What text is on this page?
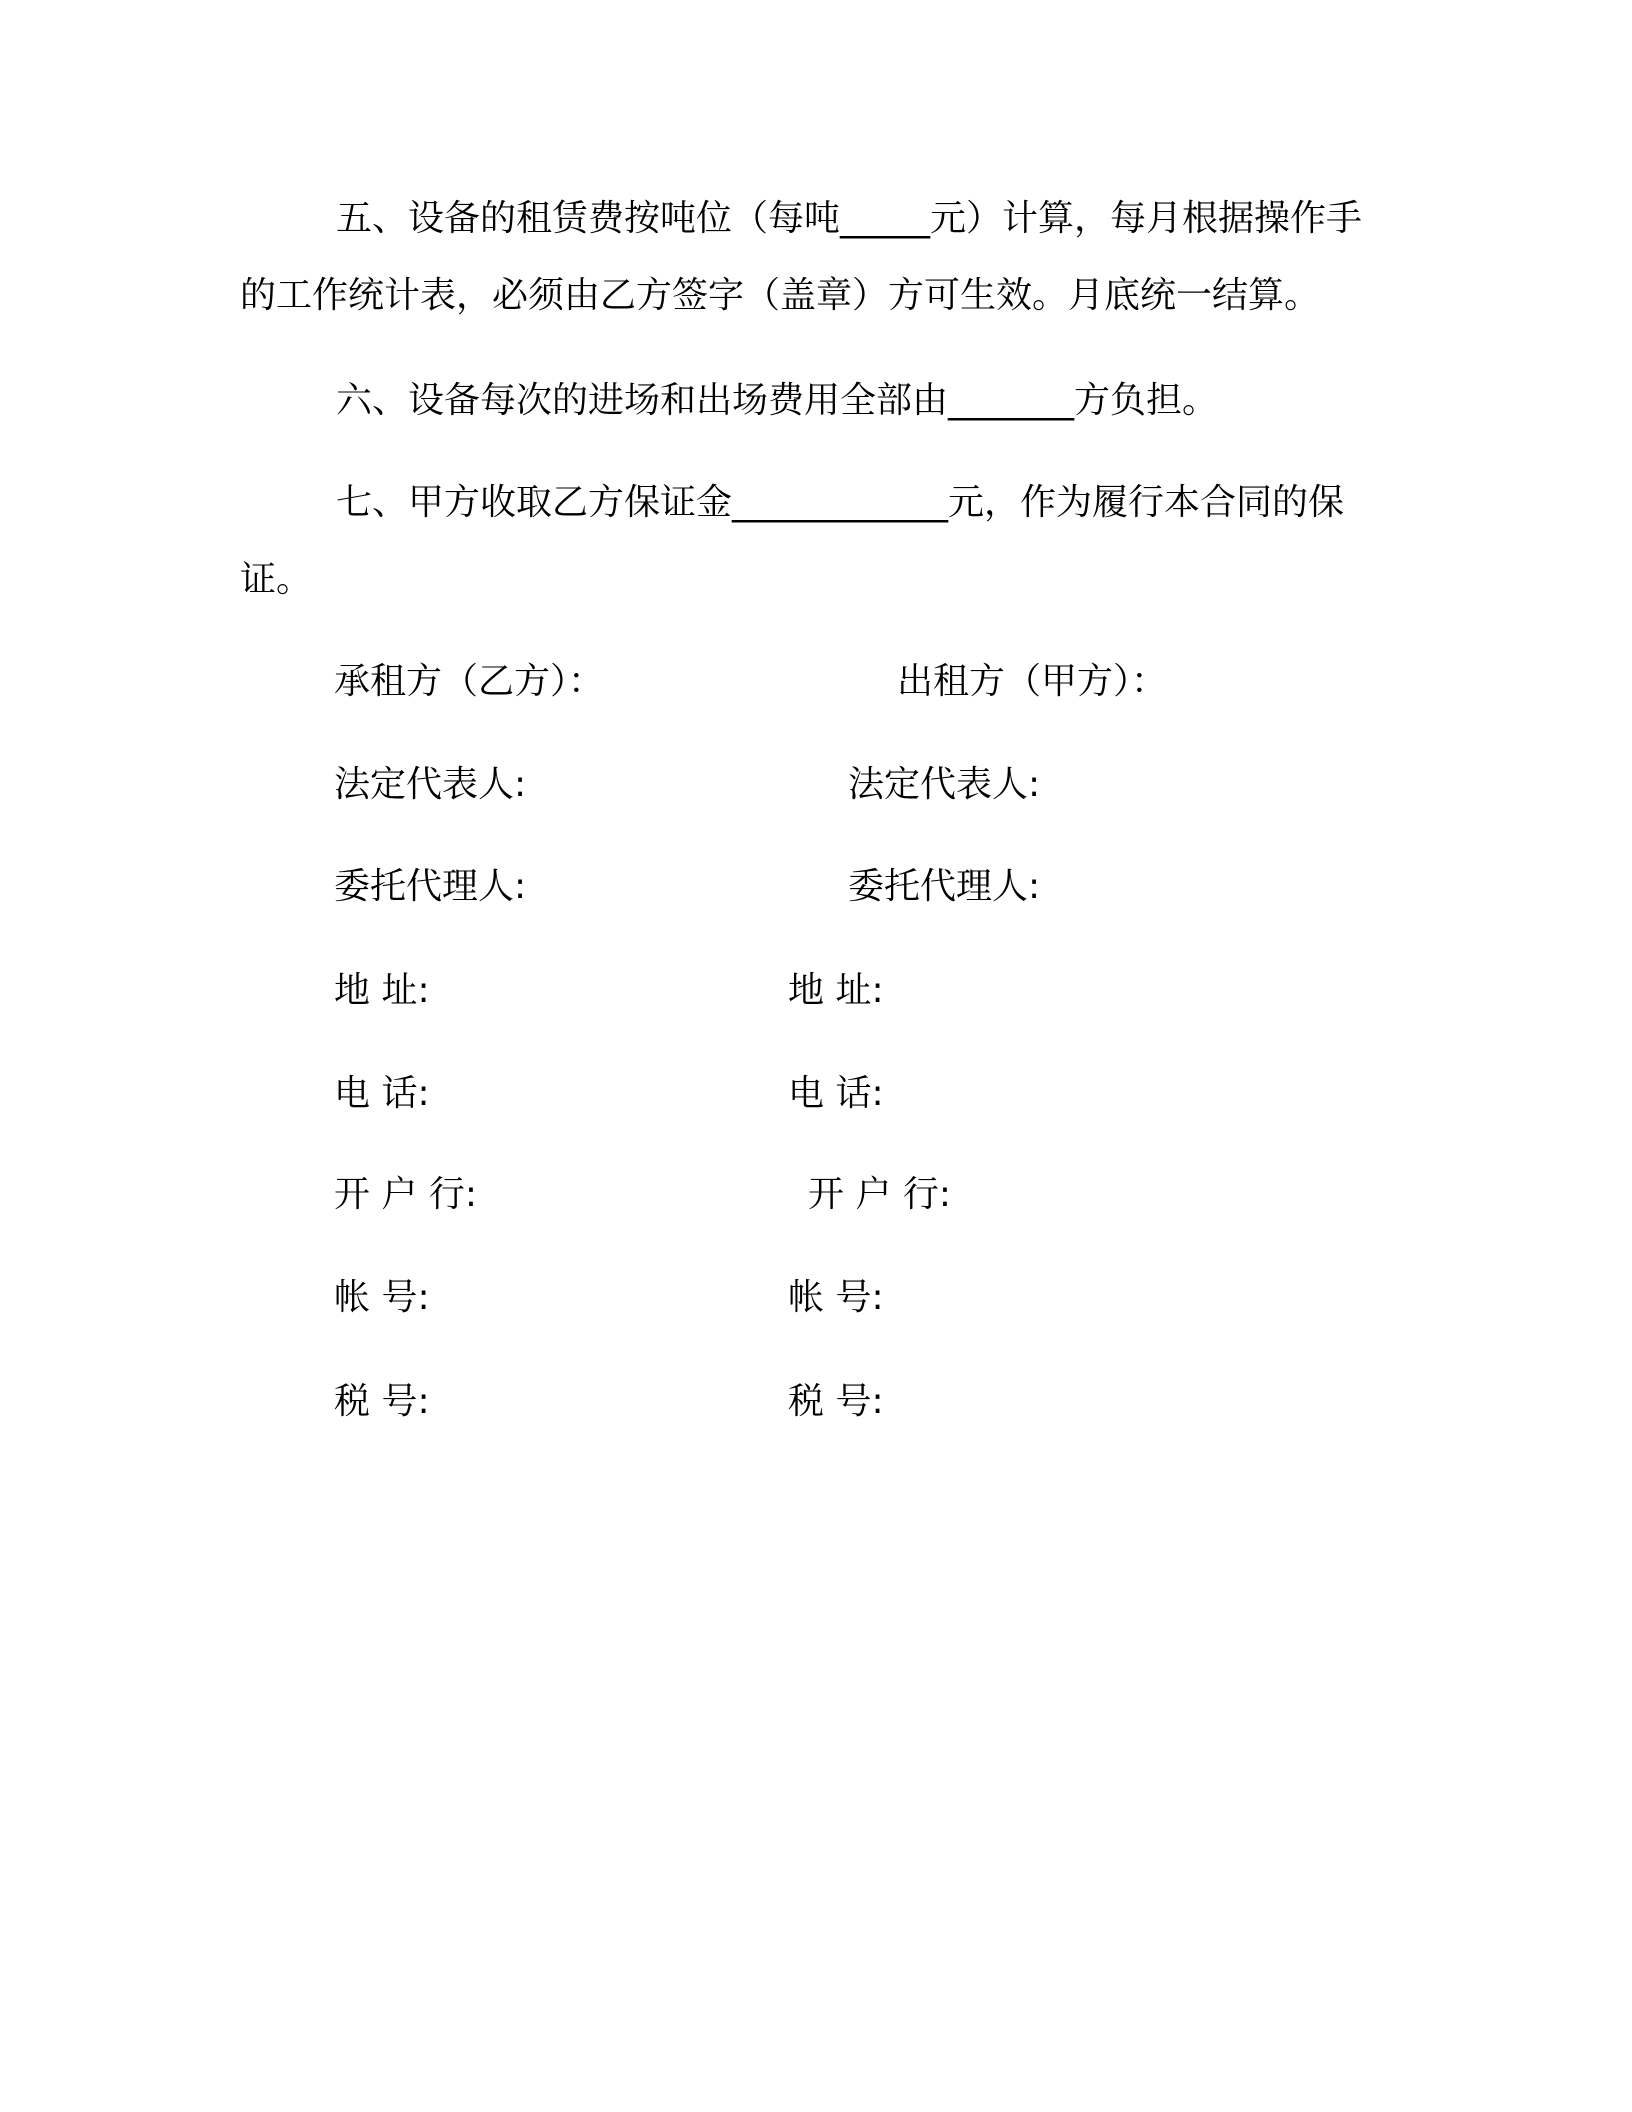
五、设备的租赁费按吨位（每吨_____元）计算，每月根据操作手的工作统计表，必须由乙方签字（盖章）方可生效。月底统一结算。

六、设备每次的进场和出场费用全部由_______方负担。

七、甲方收取乙方保证金____________元，作为履行本合同的保证。

承租方（乙方）：
法定代表人:
委托代理人:
地 址:
电 话:
开 户 行:
帐 号:
税 号:
出租方（甲方）：
法定代表人:
委托代理人:
地 址:
电 话:
开 户 行:
帐 号:
税 号:
